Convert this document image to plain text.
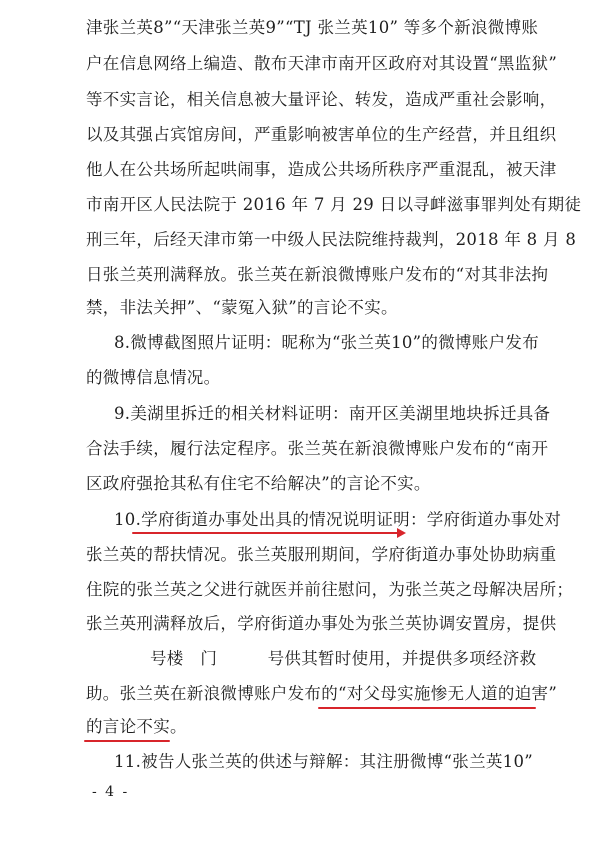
- 4 -
津张兰英8”“天津张兰英9”“TJ 张兰英10” 等多个新浪微博账
户在信息网络上编造、散布天津市南开区政府对其设置“黑监狱”
等不实言论，相关信息被大量评论、转发，造成严重社会影响，
以及其强占宾馆房间，严重影响被害单位的生产经营，并且组织
他人在公共场所起哄闹事，造成公共场所秩序严重混乱，被天津
市南开区人民法院于 2016 年 7 月 29 日以寻衅滋事罪判处有期徒
刑三年，后经天津市第一中级人民法院维持裁判，2018 年 8 月 8
日张兰英刑满释放。张兰英在新浪微博账户发布的“对其非法拘
禁，非法关押”、“蒙冤入狱”的言论不实。
8.微博截图照片证明：昵称为“张兰英10”的微博账户发布
的微博信息情况。
9.美湖里拆迁的相关材料证明：南开区美湖里地块拆迁具备
合法手续，履行法定程序。张兰英在新浪微博账户发布的“南开
区政府强抢其私有住宅不给解决”的言论不实。
10.学府街道办事处出具的情况说明证明：学府街道办事处对
张兰英的帮扶情况。张兰英服刑期间，学府街道办事处协助病重
住院的张兰英之父进行就医并前往慰问，为张兰英之母解决居所；
张兰英刑满释放后，学府街道办事处为张兰英协调安置房，提供
号楼　门　　　号供其暂时使用，并提供多项经济救
助。张兰英在新浪微博账户发布的“对父母实施惨无人道的迫害”
的言论不实。
11.被告人张兰英的供述与辩解：其注册微博“张兰英10”
